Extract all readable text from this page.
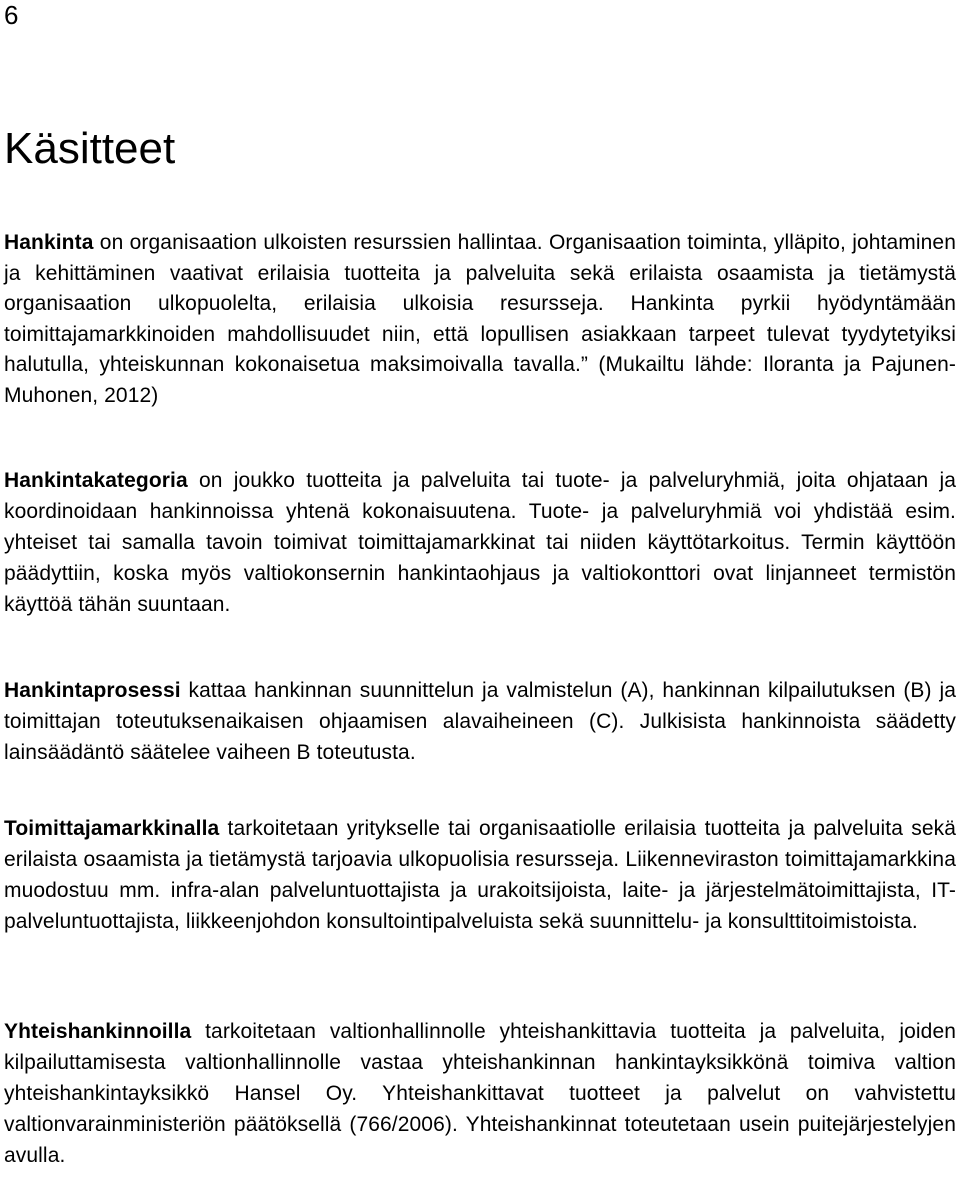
6
Käsitteet

Hankinta on organisaation ulkoisten resurssien hallintaa. Organisaation toiminta, ylläpito, johtaminen ja kehittäminen vaativat erilaisia tuotteita ja palveluita sekä erilaista osaamista ja tietämystä organisaation ulkopuolelta, erilaisia ulkoisia resursseja. Hankinta pyrkii hyödyntämään toimittajamarkkinoiden mahdollisuudet niin, että lopullisen asiakkaan tarpeet tulevat tyydytetyiksi halutulla, yhteiskunnan kokonaisetua maksimoivalla tavalla.” (Mukailtu lähde: Iloranta ja Pajunen-Muhonen, 2012)

Hankintakategoria on joukko tuotteita ja palveluita tai tuote- ja palveluryhmiä, joita ohjataan ja koordinoidaan hankinnoissa yhtenä kokonaisuutena. Tuote- ja palveluryhmiä voi yhdistää esim. yhteiset tai samalla tavoin toimivat toimittajamarkkinat tai niiden käyttötarkoitus. Termin käyttöön päädyttiin, koska myös valtiokonsernin hankintaohjaus ja valtiokonttori ovat linjanneet termistön käyttöä tähän suuntaan.

Hankintaprosessi kattaa hankinnan suunnittelun ja valmistelun (A), hankinnan kilpailutuksen (B) ja toimittajan toteutuksenaikaisen ohjaamisen alavaiheineen (C). Julkisista hankinnoista säädetty lainsäädäntö säätelee vaiheen B toteutusta.

Toimittajamarkkinalla tarkoitetaan yritykselle tai organisaatiolle erilaisia tuotteita ja palveluita sekä erilaista osaamista ja tietämystä tarjoavia ulkopuolisia resursseja. Liikenneviraston toimittajamarkkina muodostuu mm. infra-alan palveluntuottajista ja urakoitsijoista, laite- ja järjestelmätoimittajista, IT-palveluntuottajista, liikkeenjohdon konsultointipalveluista sekä suunnittelu- ja konsulttitoimistoista.

Yhteishankinnoilla tarkoitetaan valtionhallinnolle yhteishankittavia tuotteita ja palveluita, joiden kilpailuttamisesta valtionhallinnolle vastaa yhteishankinnan hankintayksikkönä toimiva valtion yhteishankintayksikkö Hansel Oy. Yhteishankittavat tuotteet ja palvelut on vahvistettu valtionvarainministeriön päätöksellä (766/2006). Yhteishankinnat toteutetaan usein puitejärjestelyjen avulla.
